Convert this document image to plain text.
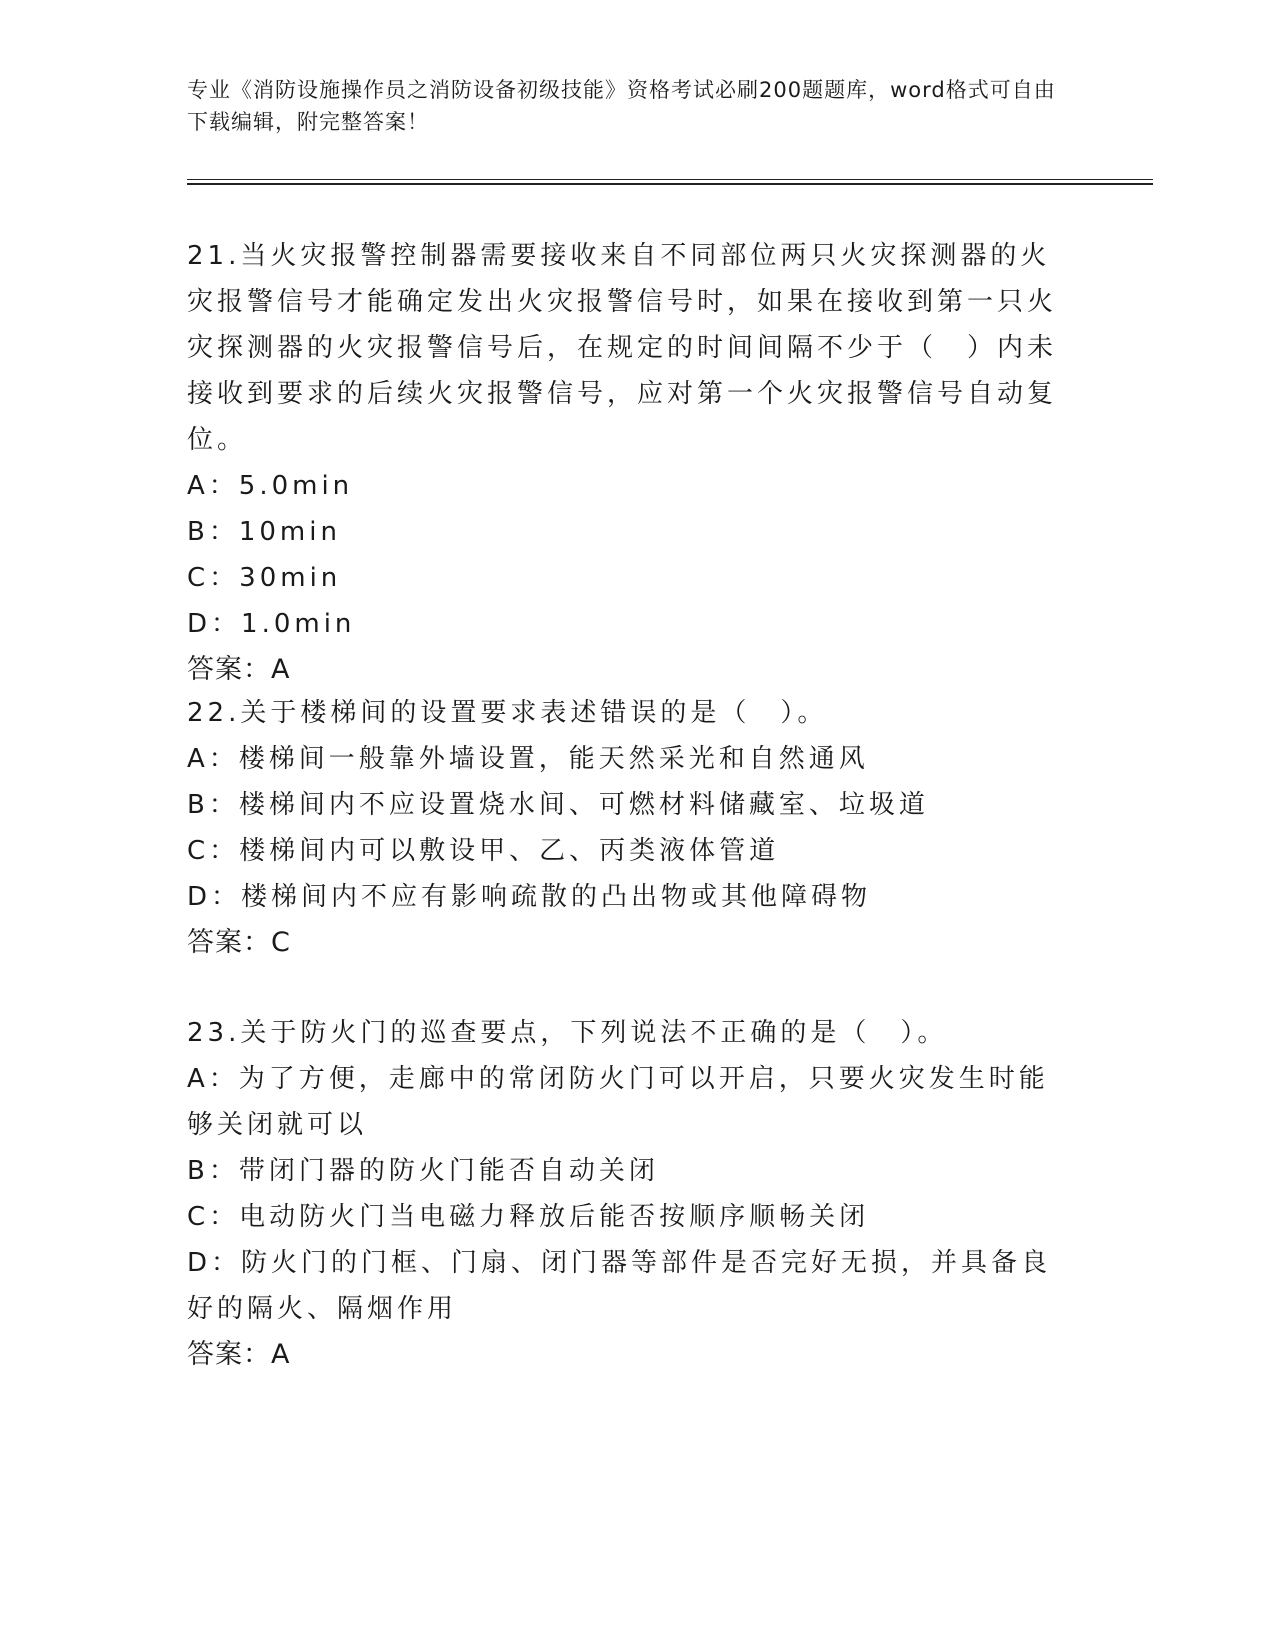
专业《消防设施操作员之消防设备初级技能》资格考试必刷200题题库，word格式可自由下载编辑，附完整答案！
21.当火灾报警控制器需要接收来自不同部位两只火灾探测器的火灾报警信号才能确定发出火灾报警信号时，如果在接收到第一只火灾探测器的火灾报警信号后，在规定的时间间隔不少于（　）内未接收到要求的后续火灾报警信号，应对第一个火灾报警信号自动复位。
A：5.0min
B：10min
C：30min
D：1.0min
答案：A
22.关于楼梯间的设置要求表述错误的是（　）。
A：楼梯间一般靠外墙设置，能天然采光和自然通风
B：楼梯间内不应设置烧水间、可燃材料储藏室、垃圾道
C：楼梯间内可以敷设甲、乙、丙类液体管道
D：楼梯间内不应有影响疏散的凸出物或其他障碍物
答案：C
23.关于防火门的巡查要点，下列说法不正确的是（　）。
A：为了方便，走廊中的常闭防火门可以开启，只要火灾发生时能够关闭就可以
B：带闭门器的防火门能否自动关闭
C：电动防火门当电磁力释放后能否按顺序顺畅关闭
D：防火门的门框、门扇、闭门器等部件是否完好无损，并具备良好的隔火、隔烟作用
答案：A
